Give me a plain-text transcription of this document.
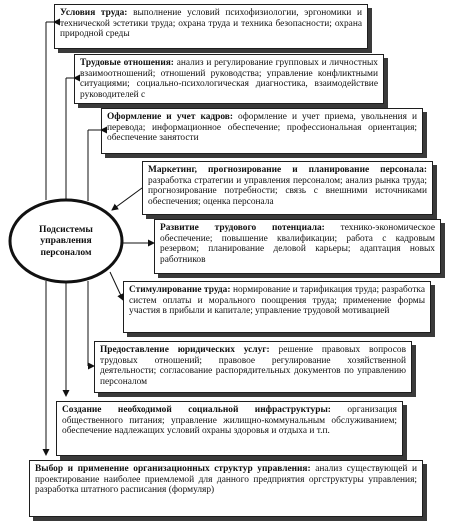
Подсистемы управления персоналом
Условия труда: выполнение условий психофизиологии, эргономики и технической эстетики труда; охрана труда и техника безопасности; охрана природной среды
Трудовые отношения: анализ и регулирование групповых и личностных взаимоотношений; отношений руководства; управление конфликтными ситуациями; социально-психологическая диагностика, взаимодействие руководителей с
Оформление и учет кадров: оформление и учет приема, увольнения и перевода; информационное обеспечение; профессиональная ориентация; обеспечение занятости
Маркетинг, прогнозирование и планирование персонала: разработка стратегии и управления персоналом; анализ рынка труда; прогнозирование потребности; связь с внешними источниками обеспечения; оценка персонала
Развитие трудового потенциала: технико-экономическое обеспечение; повышение квалификации; работа с кадровым резервом; планирование деловой карьеры; адаптация новых работников
Стимулирование труда: нормирование и тарификация труда; разработка систем оплаты и морального поощрения труда; применение формы участия в прибыли и капитале; управление трудовой мотивацией
Предоставление юридических услуг: решение правовых вопросов трудовых отношений; правовое регулирование хозяйственной деятельности; согласование распорядительных документов по управлению персоналом
Создание необходимой социальной инфраструктуры: организация общественного питания; управление жилищно-коммунальным обслуживанием; обеспечение надлежащих условий охраны здоровья и отдыха и т.п.
Выбор и применение организационных структур управления: анализ существующей и проектирование наиболее приемлемой для данного предприятия оргструктуры управления; разработка штатного расписания (формуляр)
